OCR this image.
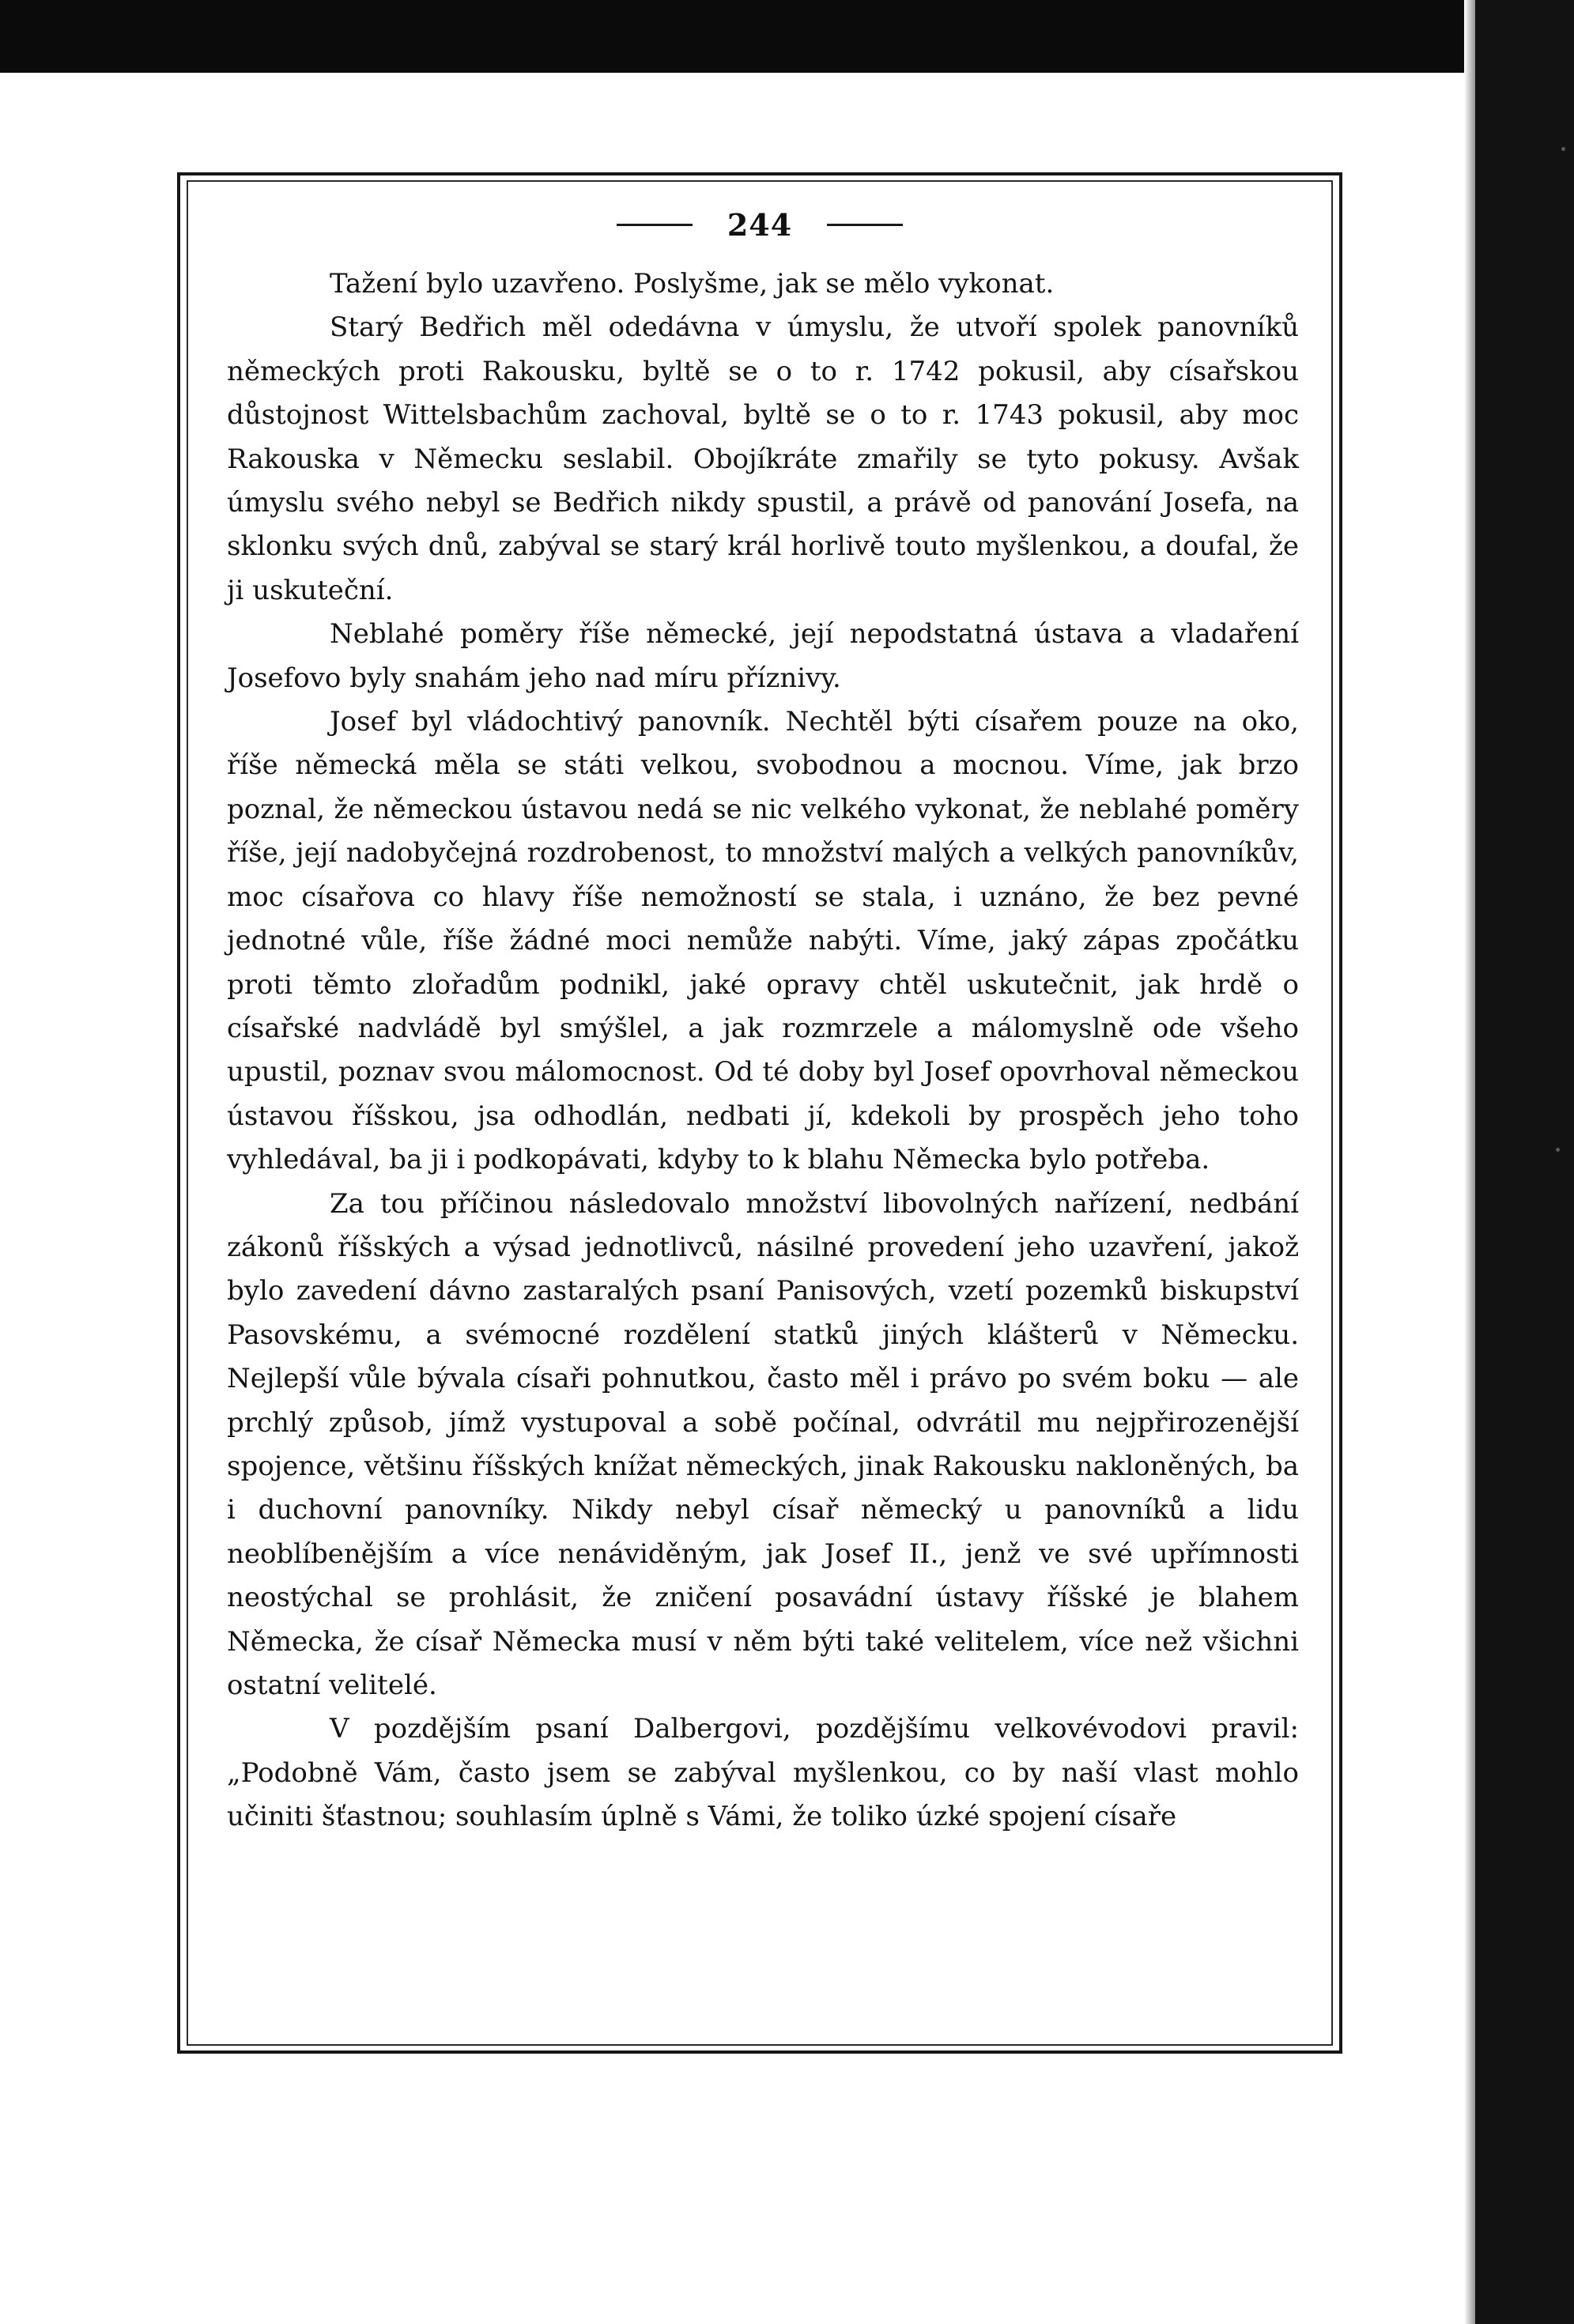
244

Tažení bylo uzavřeno. Poslyšme, jak se mělo vykonat.

Starý Bedřich měl odedávna v úmyslu, že utvoří spolek panovníků německých proti Rakousku, byltě se o to r. 1742 pokusil, aby císařskou důstojnost Wittelsbachům zachoval, byltě se o to r. 1743 pokusil, aby moc Rakouska v Německu seslabil. Obojíkráte zmařily se tyto pokusy. Avšak úmyslu svého nebyl se Bedřich nikdy spustil, a právě od panování Josefa, na sklonku svých dnů, zabýval se starý král horlivě touto myšlenkou, a doufal, že ji uskuteční.

Neblahé poměry říše německé, její nepodstatná ústava a vladaření Josefovo byly snahám jeho nad míru příznivy.

Josef byl vládochtivý panovník. Nechtěl býti císařem pouze na oko, říše německá měla se státi velkou, svobodnou a mocnou. Víme, jak brzo poznal, že německou ústavou nedá se nic velkého vykonat, že neblahé poměry říše, její nadobyčejná rozdrobenost, to množství malých a velkých panovníkův, moc císařova co hlavy říše nemožností se stala, i uznáno, že bez pevné jednotné vůle, říše žádné moci nemůže nabýti. Víme, jaký zápas zpočátku proti těmto zlořadům podnikl, jaké opravy chtěl uskutečnit, jak hrdě o císařské nadvládě byl smýšlel, a jak rozmrzele a málomyslně ode všeho upustil, poznav svou málomocnost. Od té doby byl Josef opovrhoval německou ústavou říšskou, jsa odhodlán, nedbati jí, kdekoli by prospěch jeho toho vyhledával, ba ji i podkopávati, kdyby to k blahu Německa bylo potřeba.

Za tou příčinou následovalo množství libovolných nařízení, nedbání zákonů říšských a výsad jednotlivců, násilné provedení jeho uzavření, jakož bylo zavedení dávno zastaralých psaní Panisových, vzetí pozemků biskupství Pasovskému, a svémocné rozdělení statků jiných klášterů v Německu. Nejlepší vůle bývala císaři pohnutkou, často měl i právo po svém boku — ale prchlý způsob, jímž vystupoval a sobě počínal, odvrátil mu nejpřirozenější spojence, většinu říšských knížat německých, jinak Rakousku nakloněných, ba i duchovní panovníky. Nikdy nebyl císař německý u panovníků a lidu neoblíbenějším a více nenáviděným, jak Josef II., jenž ve své upřímnosti neostýchal se prohlásit, že zničení posavádní ústavy říšské je blahem Německa, že císař Německa musí v něm býti také velitelem, více než všichni ostatní velitelé.

V pozdějším psaní Dalbergovi, pozdějšímu velkovévodovi pravil: „Podobně Vám, často jsem se zabýval myšlenkou, co by naší vlast mohlo učiniti šťastnou; souhlasím úplně s Vámi, že toliko úzké spojení císaře
